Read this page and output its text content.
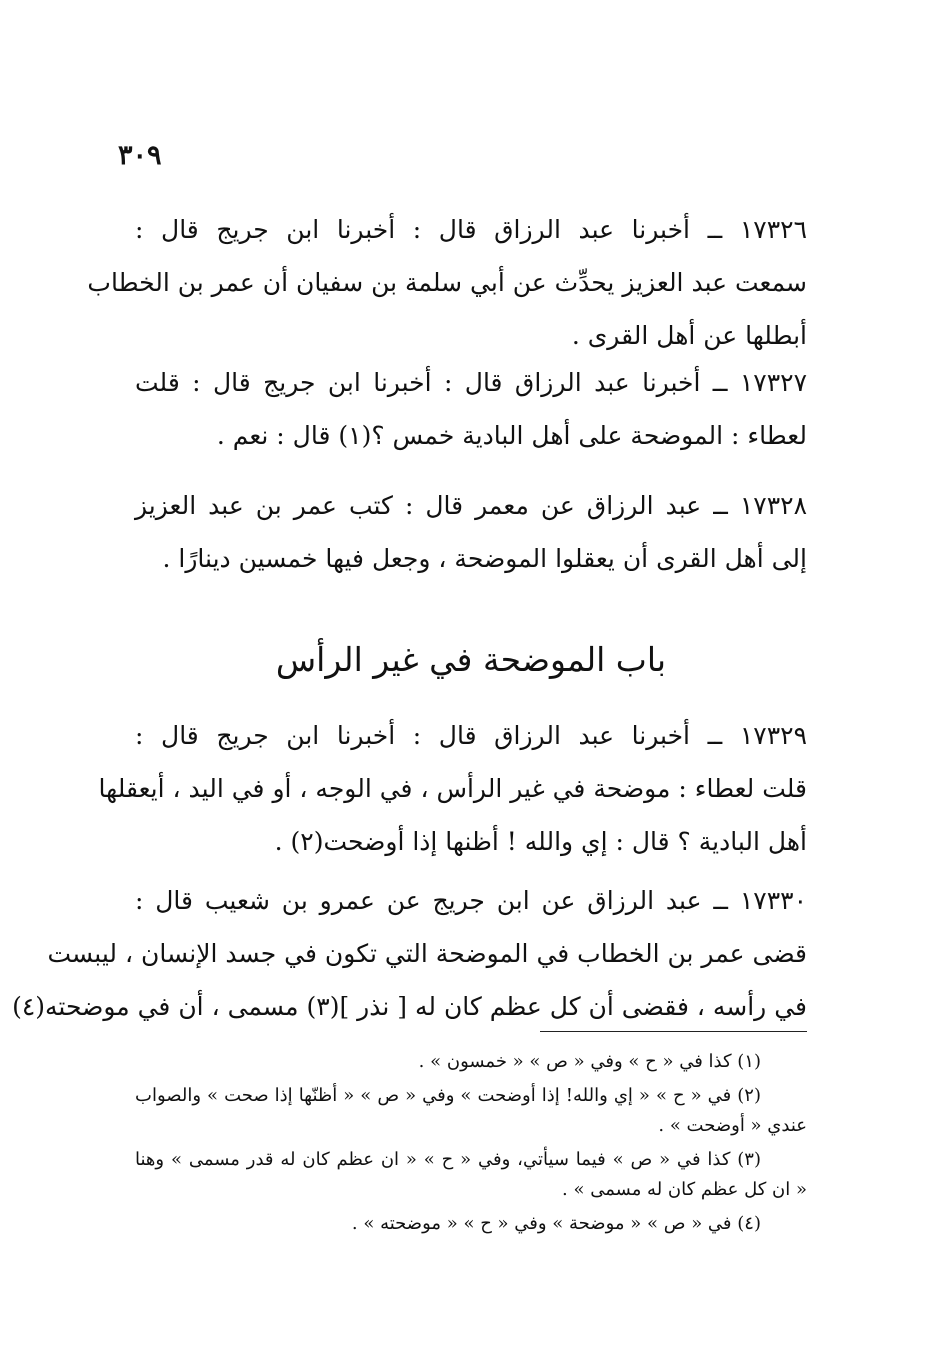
٣٠٩
١٧٣٢٦ ــ أخبرنا عبد الرزاق قال : أخبرنا ابن جريج قال :
سمعت عبد العزيز يحدِّث عن أبي سلمة بن سفيان أن عمر بن الخطاب
أبطلها عن أهل القرى .
١٧٣٢٧ ــ أخبرنا عبد الرزاق قال : أخبرنا ابن جريج قال : قلت
لعطاء : الموضحة على أهل البادية خمس ؟(١) قال : نعم .
١٧٣٢٨ ــ عبد الرزاق عن معمر قال : كتب عمر بن عبد العزيز
إلى أهل القرى أن يعقلوا الموضحة ، وجعل فيها خمسين دينارًا .
باب الموضحة في غير الرأس
١٧٣٢٩ ــ أخبرنا عبد الرزاق قال : أخبرنا ابن جريج قال :
قلت لعطاء : موضحة في غير الرأس ، في الوجه ، أو في اليد ، أيعقلها
أهل البادية ؟ قال : إي والله ! أظنها إذا أوضحت(٢) .
١٧٣٣٠ ــ عبد الرزاق عن ابن جريج عن عمرو بن شعيب قال :
قضى عمر بن الخطاب في الموضحة التي تكون في جسد الإنسان ، ليبست
في رأسه ، فقضى أن كل عظم كان له [ نذر ](٣) مسمى ، أن في موضحته(٤)
(١) كذا في « ح » وفي « ص » « خمسون » .
(٢) في « ح » « إي والله! إذا أوضحت » وفي « ص » « أظنّها إذا صحت » والصواب
عندي « أوضحت » .
(٣) كذا في « ص » فيما سيأتي، وفي « ح » « ان عظم كان له قدر مسمى » وهنا
« ان كل عظم كان له مسمى » .
(٤) في « ص » « موضحة » وفي « ح » « موضحته » .
